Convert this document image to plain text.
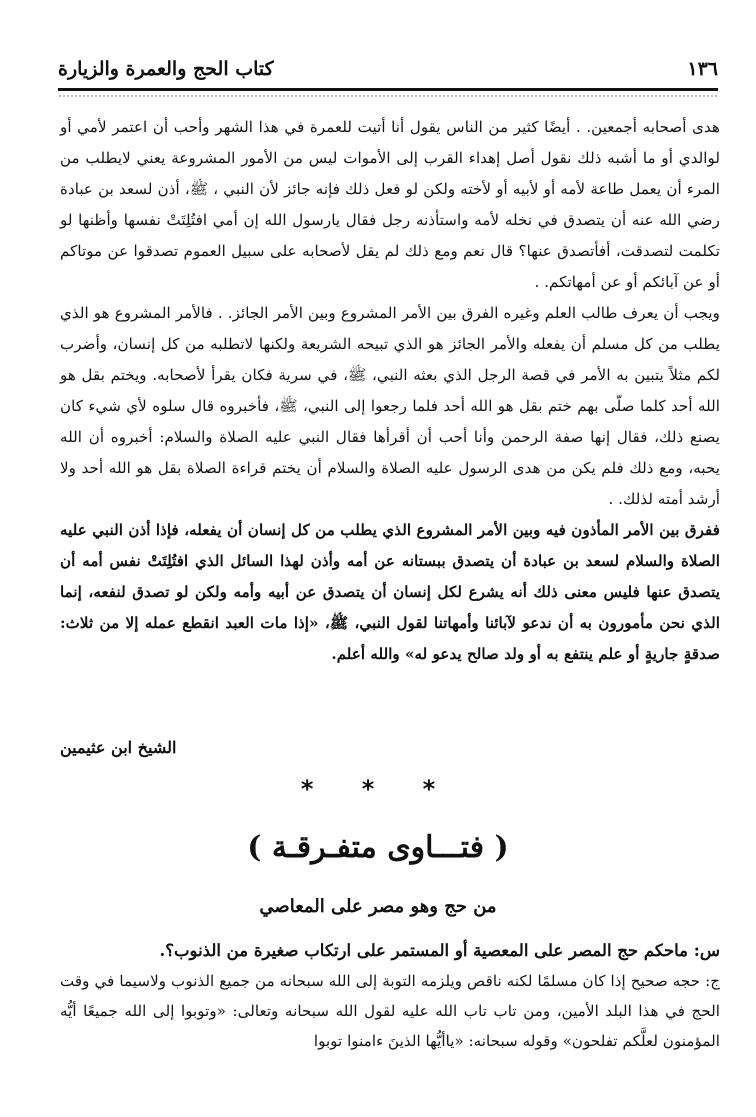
١٣٦
كتاب الحج والعمرة والزيارة

هدى أصحابه أجمعين. . أيضًا كثير من الناس يقول أنا أتيت للعمرة في هذا الشهر وأحب أن اعتمر لأمي أو لوالدي أو ما أشبه ذلك نقول أصل إهداء القرب إلى الأموات ليس من الأمور المشروعة يعني لايطلب من المرء أن يعمل طاعة لأمه أو لأبيه أو لأخته ولكن لو فعل ذلك فإنه جائز لأن النبي ، ﷺ، أذن لسعد بن عبادة رضي الله عنه أن يتصدق في نخله لأمه واستأذنه رجل فقال يارسول الله إن أمي افتُلِتَتْ نفسها وأظنها لو تكلمت لتصدقت، أفأتصدق عنها؟ قال نعم ومع ذلك لم يقل لأصحابه على سبيل العموم تصدقوا عن موتاكم أو عن آبائكم أو عن أمهاتكم. .

ويجب أن يعرف طالب العلم وغيره الفرق بين الأمر المشروع وبين الأمر الجائز. . فالأمر المشروع هو الذي يطلب من كل مسلم أن يفعله والأمر الجائز هو الذي تبيحه الشريعة ولكنها لاتطلبه من كل إنسان، وأضرب لكم مثلاً يتبين به الأمر في قصة الرجل الذي بعثه النبي، ﷺ، في سرية فكان يقرأ لأصحابه. ويختم بقل هو الله أحد كلما صلّى بهم ختم بقل هو الله أحد فلما رجعوا إلى النبي، ﷺ، فأخبروه قال سلوه لأي شيء كان يصنع ذلك، فقال إنها صفة الرحمن وأنا أحب أن أقرأها فقال النبي عليه الصلاة والسلام: أخبروه أن الله يحبه، ومع ذلك فلم يكن من هدى الرسول عليه الصلاة والسلام أن يختم قراءة الصلاة بقل هو الله أحد ولا أرشد أمته لذلك. .

ففرق بين الأمر المأذون فيه وبين الأمر المشروع الذي يطلب من كل إنسان أن يفعله، فإذا أذن النبي عليه الصلاة والسلام لسعد بن عبادة أن يتصدق ببستانه عن أمه وأذن لهذا السائل الذي افتُلِتَتْ نفس أمه أن يتصدق عنها فليس معنى ذلك أنه يشرع لكل إنسان أن يتصدق عن أبيه وأمه ولكن لو تصدق لنفعه، إنما الذي نحن مأمورون به أن ندعو لآبائنا وأمهاتنا لقول النبي، ﷺ، «إذا مات العبد انقطع عمله إلا من ثلاث: صدقةٍ جاريةٍ أو علم ينتفع به أو ولد صالح يدعو له» والله أعلم.

الشيخ ابن عثيمين
* * *
( فتـــاوى متفـرقـة )
من حج وهو مصر على المعاصي

س: ماحكم حج المصر على المعصية أو المستمر على ارتكاب صغيرة من الذنوب؟.

ج: حجه صحيح إذا كان مسلمًا لكنه ناقص ويلزمه التوبة إلى الله سبحانه من جميع الذنوب ولاسيما في وقت الحج في هذا البلد الأمين، ومن تاب تاب الله عليه لقول الله سبحانه وتعالى: «وتوبوا إلى الله جميعًا أيُّه المؤمنون لعلَّكم تفلحون» وقوله سبحانه: «ياأيُّها الذينَ ءامنوا توبوا
